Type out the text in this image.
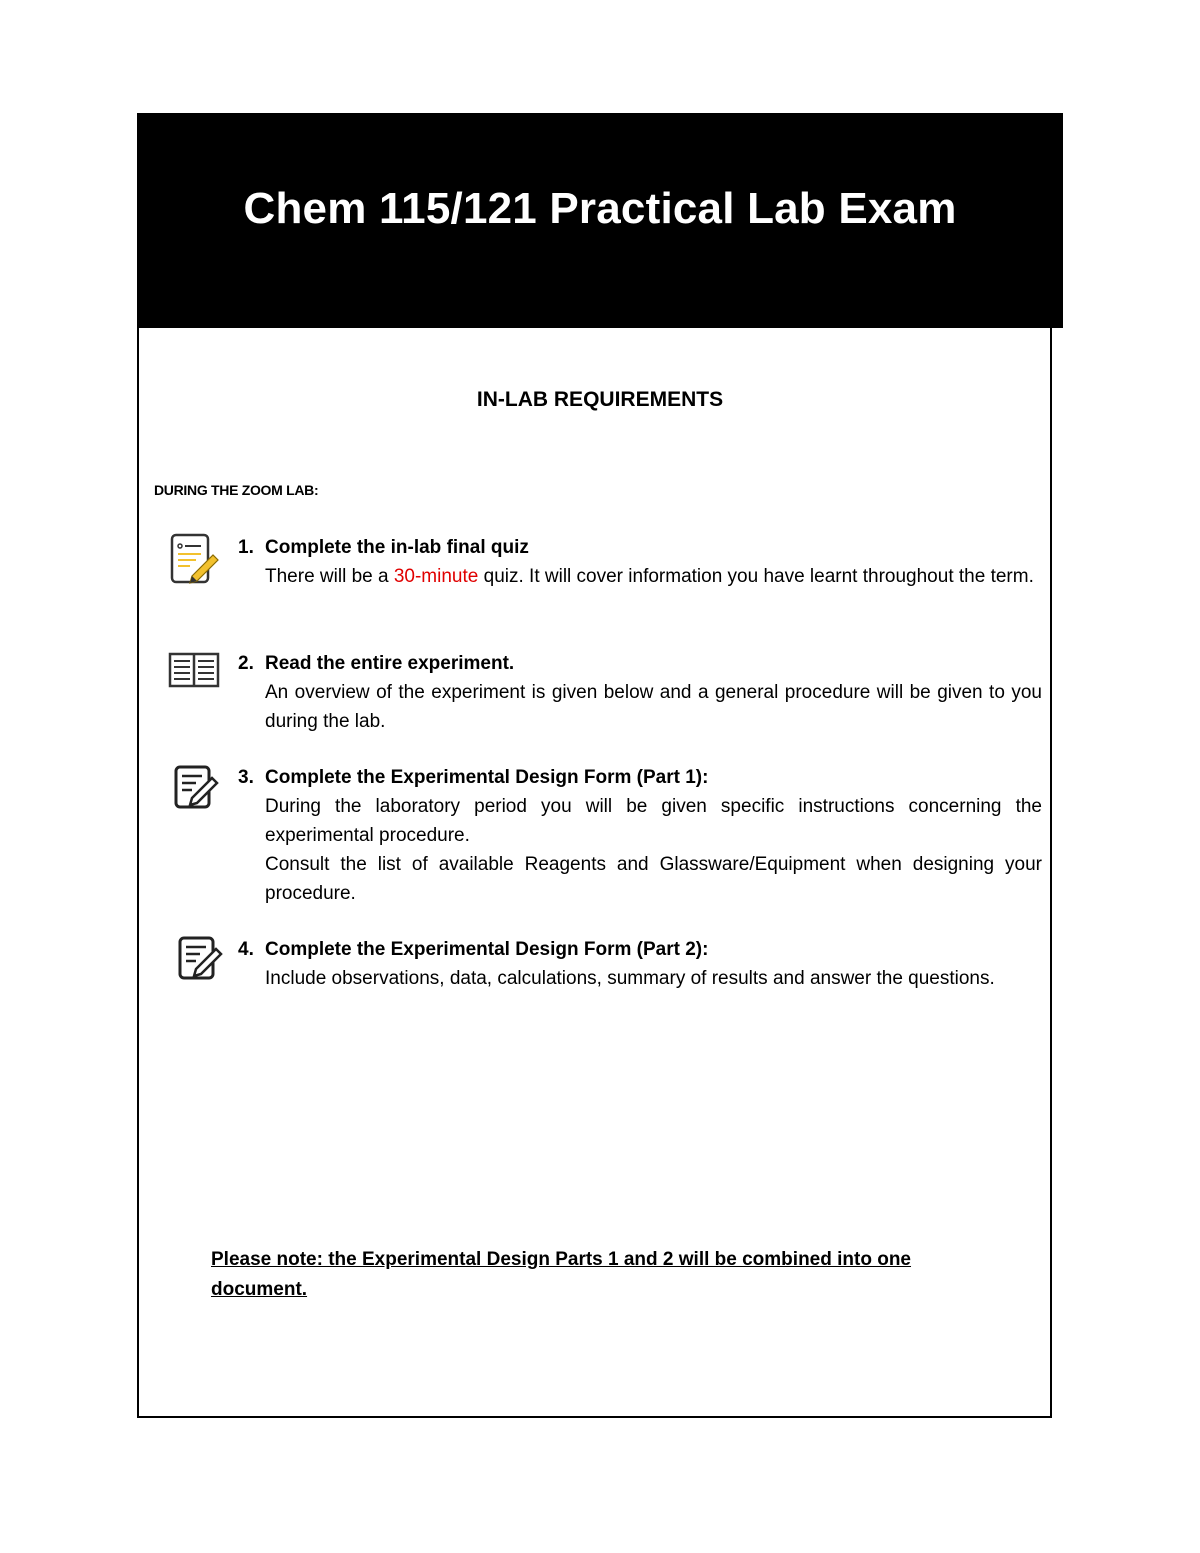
Chem 115/121 Practical Lab Exam
IN-LAB REQUIREMENTS
DURING THE ZOOM LAB:
1. Complete the in-lab final quiz
There will be a 30-minute quiz. It will cover information you have learnt throughout the term.
2. Read the entire experiment.
An overview of the experiment is given below and a general procedure will be given to you during the lab.
3. Complete the Experimental Design Form (Part 1):

During the laboratory period you will be given specific instructions concerning the experimental procedure.

Consult the list of available Reagents and Glassware/Equipment when designing your procedure.

4. Complete the Experimental Design Form (Part 2):
Include observations, data, calculations, summary of results and answer the questions.
Please note: the Experimental Design Parts 1 and 2 will be combined into one document.
